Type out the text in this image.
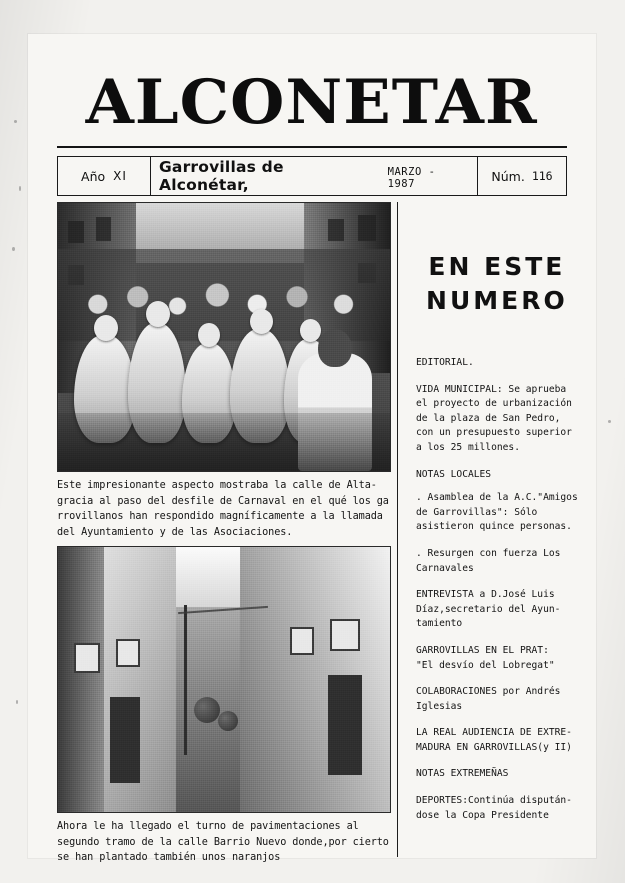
ALCONETAR
Año XI Garrovillas de Alconétar,
MARZO - 1987	Núm. 116
Este impresionante aspecto mostraba la calle de Alta-
gracia al paso del desfile de Carnaval en el qué los ga
rrovillanos han respondido magníficamente a la llamada
del Ayuntamiento y de las Asociaciones.
Ahora le ha llegado el turno de pavimentaciones al
segundo tramo de la calle Barrio Nuevo donde,por cierto
se han plantado también unos naranjos
EN ESTE
NUMERO
EDITORIAL.
VIDA MUNICIPAL: Se aprueba
el proyecto de urbanización
de la plaza de San Pedro,
con un presupuesto superior
a los 25 millones.
NOTAS LOCALES
. Asamblea de la A.C."Amigos
de Garrovillas": Sólo
asistieron quince personas.
. Resurgen con fuerza Los
Carnavales
ENTREVISTA a D.José Luis
Díaz,secretario del Ayun-
tamiento
GARROVILLAS EN EL PRAT:
"El desvío del Lobregat"
COLABORACIONES por Andrés
Iglesias
LA REAL AUDIENCIA DE EXTRE-
MADURA EN GARROVILLAS(y II)
NOTAS EXTREMEÑAS
DEPORTES:Continúa dispután-
dose la Copa Presidente
